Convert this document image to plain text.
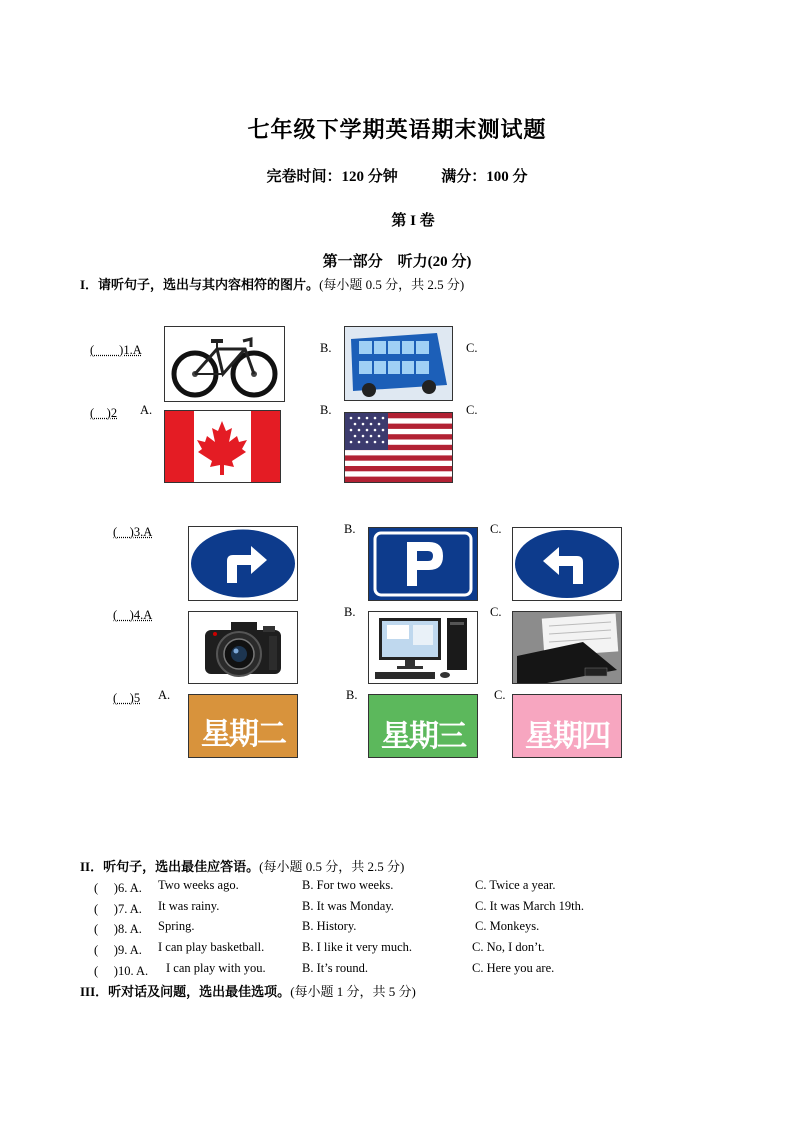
七年级下学期英语期末测试题
完卷时间：120 分钟	满分：100 分
第 I 卷
第一部分　听力(20 分)
I．请听句子，选出与其内容相符的图片。(每小题 0.5 分，共 2.5 分)
(　　)1.A	B.	C.
(　)2 A.	B.	C.
(　)3.A	B.	C.
(　)4.A	B.	C.
(　)5 A.
星期二
B.
星期三
C.
星期四
II．听句子，选出最佳应答语。(每小题 0.5 分，共 2.5 分)
(　 )6. A. Two weeks ago.	B. For two weeks.	C. Twice a year.
(　 )7. A. It was rainy.	B. It was Monday.	C. It was March 19th.
(　 )8. A. Spring.	B. History.	C. Monkeys.
(　 )9. A. I can play basketball.	B. I like it very much.	C. No, I don’t.
(　 )10. A. I can play with you.	B. It’s round.	C. Here you are.
III．听对话及问题，选出最佳选项。(每小题 1 分，共 5 分)
